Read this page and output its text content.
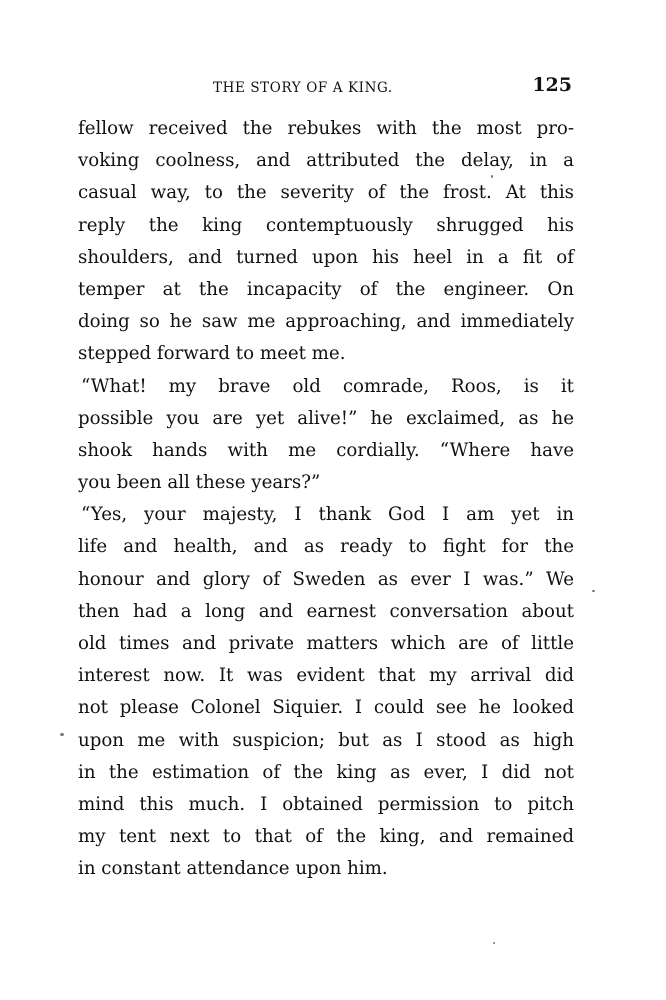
THE STORY OF A KING.	125
fellow received the rebukes with the most pro-
voking coolness, and attributed the delay, in a
casual way, to the severity of the frost. At this
reply the king contemptuously shrugged his
shoulders, and turned upon his heel in a fit of
temper at the incapacity of the engineer. On
doing so he saw me approaching, and immediately
stepped forward to meet me.
“What! my brave old comrade, Roos, is it
possible you are yet alive!” he exclaimed, as he
shook hands with me cordially. “Where have
you been all these years?”
“Yes, your majesty, I thank God I am yet in
life and health, and as ready to fight for the
honour and glory of Sweden as ever I was.” We
then had a long and earnest conversation about
old times and private matters which are of little
interest now. It was evident that my arrival did
not please Colonel Siquier. I could see he looked
upon me with suspicion; but as I stood as high
in the estimation of the king as ever, I did not
mind this much. I obtained permission to pitch
my tent next to that of the king, and remained
in constant attendance upon him.
